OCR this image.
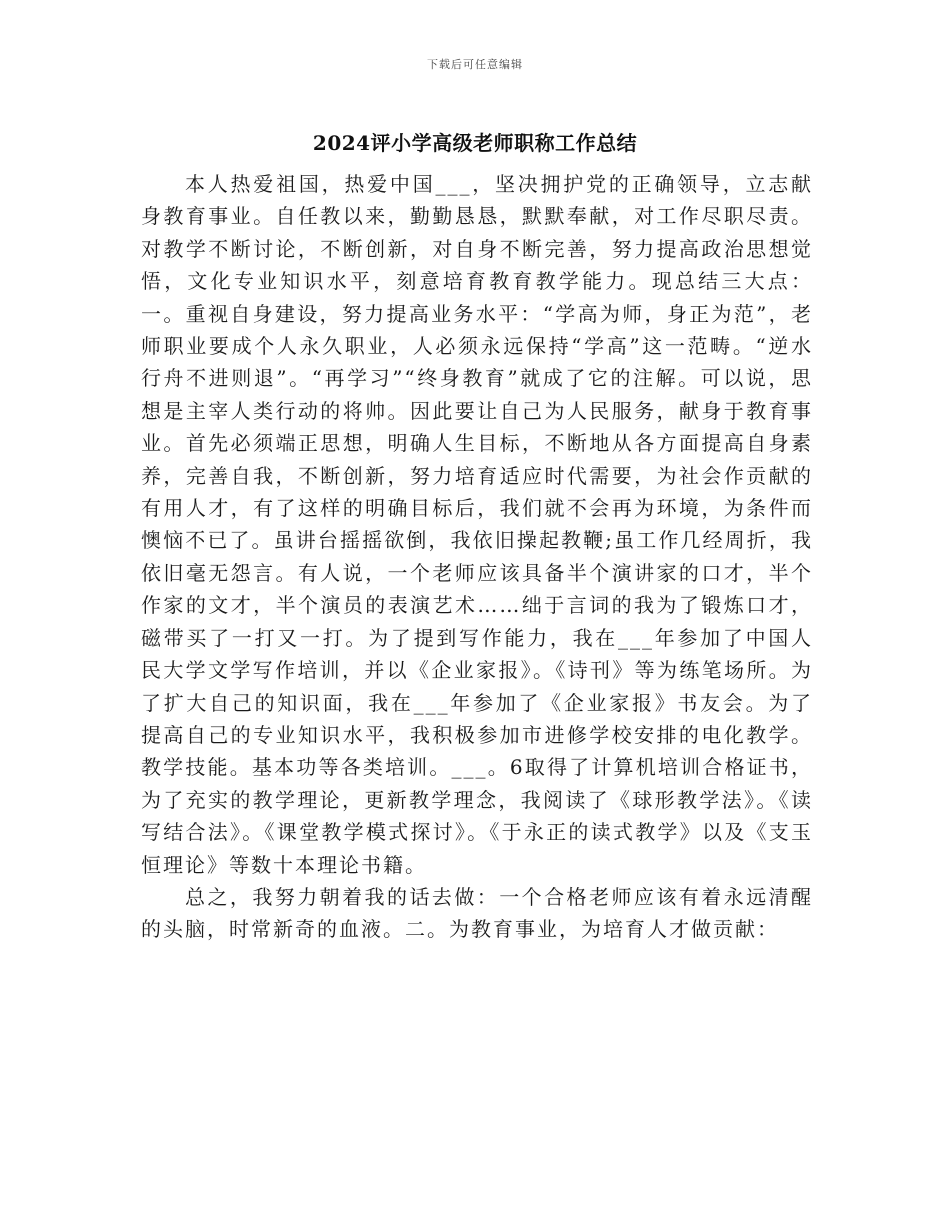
下载后可任意编辑
2024评小学高级老师职称工作总结

本人热爱祖国，热爱中国___，坚决拥护党的正确领导，立志献身教育事业。自任教以来，勤勤恳恳，默默奉献，对工作尽职尽责。对教学不断讨论，不断创新，对自身不断完善，努力提高政治思想觉悟，文化专业知识水平，刻意培育教育教学能力。现总结三大点：一。重视自身建设，努力提高业务水平：“学高为师，身正为范”，老师职业要成个人永久职业，人必须永远保持“学高”这一范畴。“逆水行舟不进则退”。“再学习”“终身教育”就成了它的注解。可以说，思想是主宰人类行动的将帅。因此要让自己为人民服务，献身于教育事业。首先必须端正思想，明确人生目标，不断地从各方面提高自身素养，完善自我，不断创新，努力培育适应时代需要，为社会作贡献的有用人才，有了这样的明确目标后，我们就不会再为环境，为条件而懊恼不已了。虽讲台摇摇欲倒，我依旧操起教鞭;虽工作几经周折，我依旧毫无怨言。有人说，一个老师应该具备半个演讲家的口才，半个作家的文才，半个演员的表演艺术……绌于言词的我为了锻炼口才，磁带买了一打又一打。为了提到写作能力，我在___年参加了中国人民大学文学写作培训，并以《企业家报》。《诗刊》等为练笔场所。为了扩大自己的知识面，我在___年参加了《企业家报》书友会。为了提高自己的专业知识水平，我积极参加市进修学校安排的电化教学。教学技能。基本功等各类培训。___。6取得了计算机培训合格证书，为了充实的教学理论，更新教学理念，我阅读了《球形教学法》。《读写结合法》。《课堂教学模式探讨》。《于永正的读式教学》以及《支玉恒理论》等数十本理论书籍。

总之，我努力朝着我的话去做：一个合格老师应该有着永远清醒的头脑，时常新奇的血液。二。为教育事业，为培育人才做贡献：
